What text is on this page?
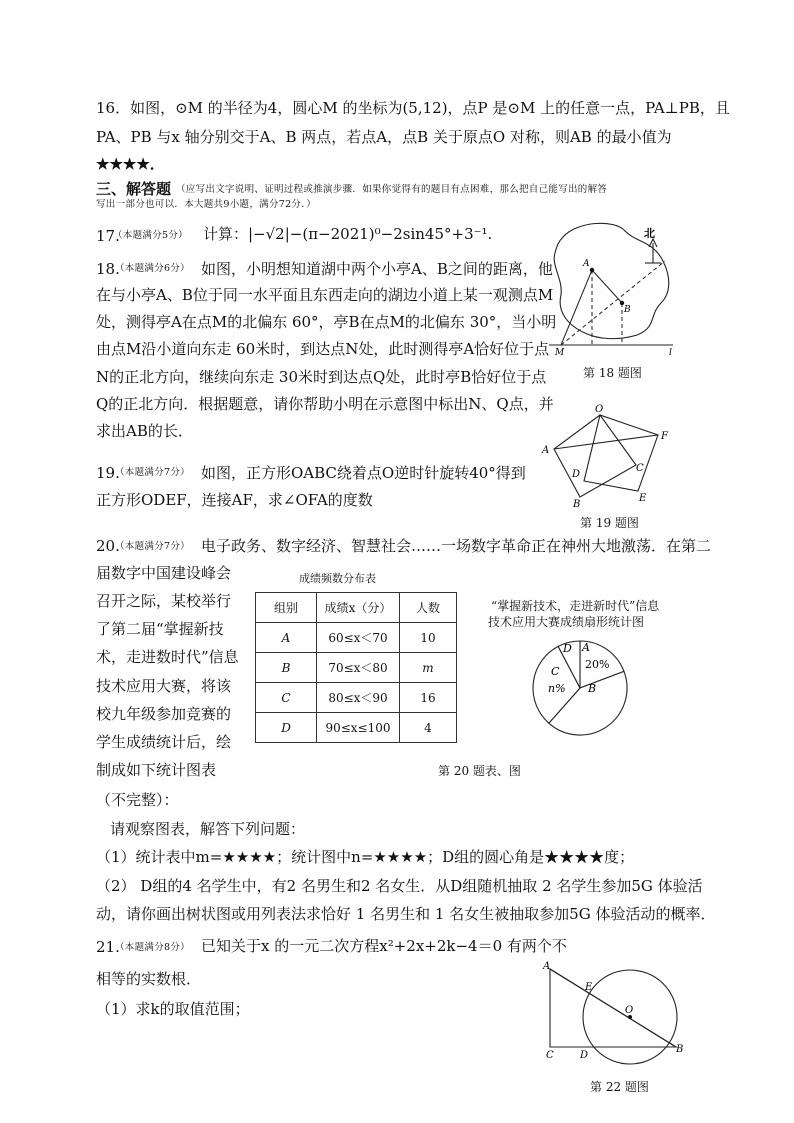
16．如图，⊙M 的半径为4，圆心M 的坐标为(5,12)，点P 是⊙M 上的任意一点，PA⊥PB，且
PA、PB 与x 轴分别交于A、B 两点，若点A，点B 关于原点O 对称，则AB 的最小值为
★★★★．
三、解答题 （应写出文字说明、证明过程或推演步骤．如果你觉得有的题目有点困难，那么把自己能写出的解答
写出一部分也可以．本大题共9小题，满分72分．）
17.
（本题满分5分） 计算：|−√2|−(π−2021)⁰−2sin45°+3⁻¹.
18.
（本题满分6分） 如图，小明想知道湖中两个小亭A、B之间的距离，他
在与小亭A、B位于同一水平面且东西走向的湖边小道上某一观测点M
处，测得亭A在点M的北偏东 60°，亭B在点M的北偏东 30°，当小明
由点M沿小道向东走 60米时，到达点N处，此时测得亭A恰好位于点
N的正北方向，继续向东走 30米时到达点Q处，此时亭B恰好位于点
Q的正北方向．根据题意，请你帮助小明在示意图中标出N、Q点，并
求出AB的长．
北
A
B
M	l
第 18 题图
19.
（本题满分7分） 如图，正方形OABC绕着点O逆时针旋转40°得到
正方形ODEF，连接AF，求∠OFA的度数
O
A
F
D
C
B
E
第 19 题图
20.
（本题满分7分） 电子政务、数字经济、智慧社会……一场数字革命正在神州大地激荡．在第二
届数字中国建设峰会
召开之际，某校举行
了第二届“掌握新技
术，走进数时代”信息
技术应用大赛，将该
校九年级参加竞赛的
学生成绩统计后，绘
制成如下统计图表
（不完整）：
成绩频数分布表
组别	成绩x（分）	人数
A	60≤x＜70	10
B	70≤x＜80	m
C	80≤x＜90	16
D	90≤x≤100	4
“掌握新技术，走进新时代”信息
技术应用大赛成绩扇形统计图
D A
20%
C
n% B
第 20 题表、图
请观察图表，解答下列问题：
（1）统计表中m=★★★★；统计图中n=★★★★；D组的圆心角是★★★★度；
（2） D组的4 名学生中，有2 名男生和2 名女生．从D组随机抽取 2 名学生参加5G 体验活
动，请你画出树状图或用列表法求恰好 1 名男生和 1 名女生被抽取参加5G 体验活动的概率．
21.
（本题满分8分） 已知关于x 的一元二次方程x²+2x+2k−4＝0 有两个不
相等的实数根．
（1）求k的取值范围；
A
E
O
C	D
B
第 22 题图
